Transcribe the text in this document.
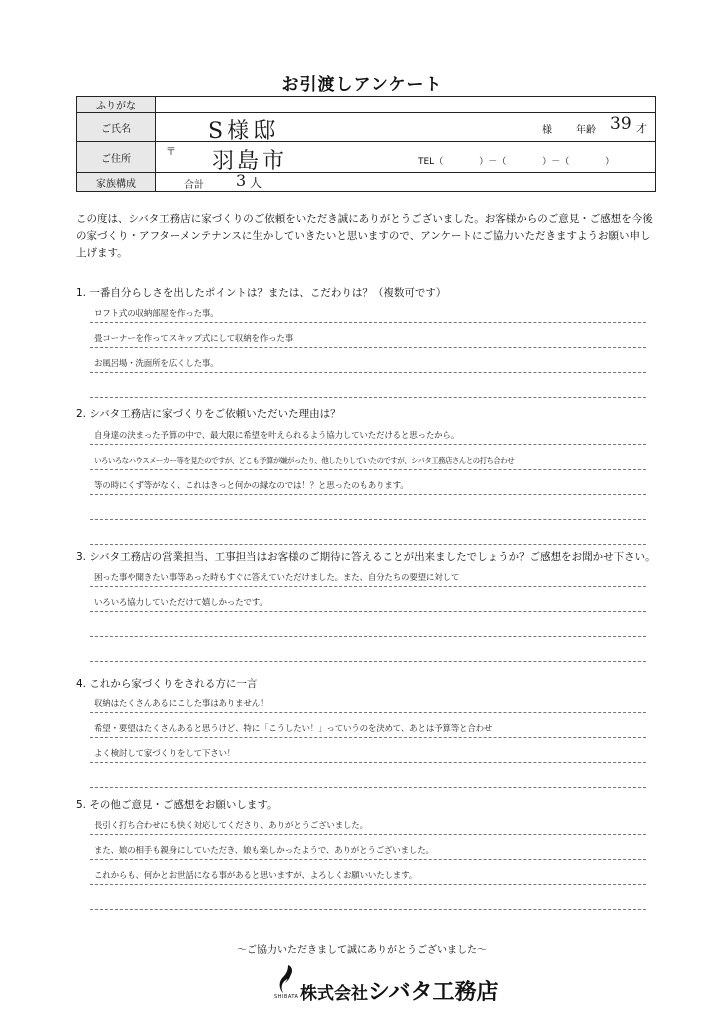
お引渡しアンケート
ふりがな	
ご氏名	S様邸 様 年齢 39 才

ご住所	〒 羽島市 TEL（　　　　）－（　　　　）－（　　　　）

家族構成	合計 3 人
この度は、シバタ工務店に家づくりのご依頼をいただき誠にありがとうございました。お客様からのご意見・ご感想を今後の家づくり・アフターメンテナンスに生かしていきたいと思いますので、アンケートにご協力いただきますようお願い申し上げます。
1. 一番自分らしさを出したポイントは？または、こだわりは？（複数可です）
ロフト式の収納部屋を作った事。
畳コーナーを作ってスキップ式にして収納を作った事
お風呂場・洗面所を広くした事。
2. シバタ工務店に家づくりをご依頼いただいた理由は？
自身達の決まった予算の中で、最大限に希望を叶えられるよう協力していただけると思ったから。
いろいろなハウスメーカー等を見たのですが、どこも予算が嫌がったり、他したりしていたのですが、シバタ工務店さんとの打ち合わせ
等の時にくず等がなく、これはきっと何かの縁なのでは！？と思ったのもあります。
3. シバタ工務店の営業担当、工事担当はお客様のご期待に答えることが出来ましたでしょうか？ご感想をお聞かせ下さい。
困った事や聞きたい事等あった時もすぐに答えていただけました。また、自分たちの要望に対して
いろいろ協力していただけて嬉しかったです。
4. これから家づくりをされる方に一言
収納はたくさんあるにこした事はありません！
希望・要望はたくさんあると思うけど、特に「こうしたい！」っていうのを決めて、あとは予算等と合わせ
よく検討して家づくりをして下さい！
5. その他ご意見・ご感想をお願いします。
長引く打ち合わせにも快く対応してくださり、ありがとうございました。
また、娘の相手も親身にしていただき、娘も楽しかったようで、ありがとうございました。
これからも、何かとお世話になる事があると思いますが、よろしくお願いいたします。
～ご協力いただきまして誠にありがとうございました～
SHIBATA 株式会社シバタ工務店
